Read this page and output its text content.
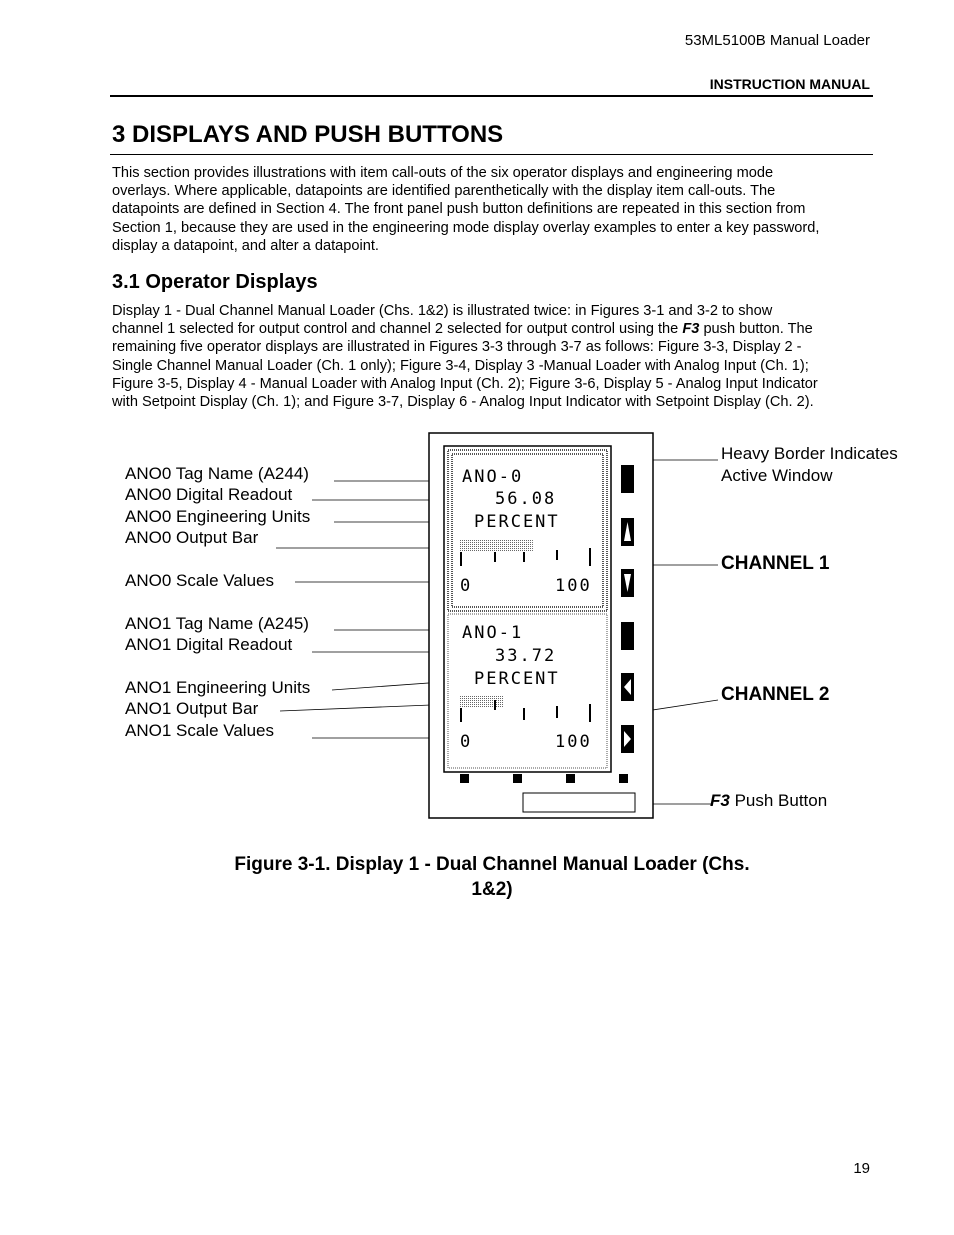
53ML5100B Manual Loader
INSTRUCTION MANUAL
3 DISPLAYS AND PUSH BUTTONS

This section provides illustrations with item call-outs of the six operator displays and engineering mode
overlays. Where applicable, datapoints are identified parenthetically with the display item call-outs. The
datapoints are defined in Section 4. The front panel push button definitions are repeated in this section from
Section 1, because they are used in the engineering mode display overlay examples to enter a key password,
display a datapoint, and alter a datapoint.

3.1 Operator Displays

Display 1 - Dual Channel Manual Loader (Chs. 1&2) is illustrated twice: in Figures 3-1 and 3-2 to show
channel 1 selected for output control and channel 2 selected for output control using the F3 push button. The
remaining five operator displays are illustrated in Figures 3-3 through 3-7 as follows: Figure 3-3, Display 2 -
Single Channel Manual Loader (Ch. 1 only); Figure 3-4, Display 3 -Manual Loader with Analog Input (Ch. 1);
Figure 3-5, Display 4 - Manual Loader with Analog Input (Ch. 2); Figure 3-6, Display 5 - Analog Input Indicator
with Setpoint Display (Ch. 1); and Figure 3-7, Display 6 - Analog Input Indicator with Setpoint Display (Ch. 2).

ANO0 Tag Name (A244)
ANO0 Digital Readout
ANO0 Engineering Units
ANO0 Output Bar
ANO0 Scale Values
ANO1 Tag Name (A245)
ANO1 Digital Readout
ANO1 Engineering Units
ANO1 Output Bar
ANO1 Scale Values
Heavy Border Indicates
Active Window
CHANNEL 1
CHANNEL 2
F3 Push Button
ANO-0
56.08
PERCENT
0	100
ANO-1
33.72
PERCENT
0	100

Figure 3-1. Display 1 - Dual Channel Manual Loader (Chs.
1&2)

19
